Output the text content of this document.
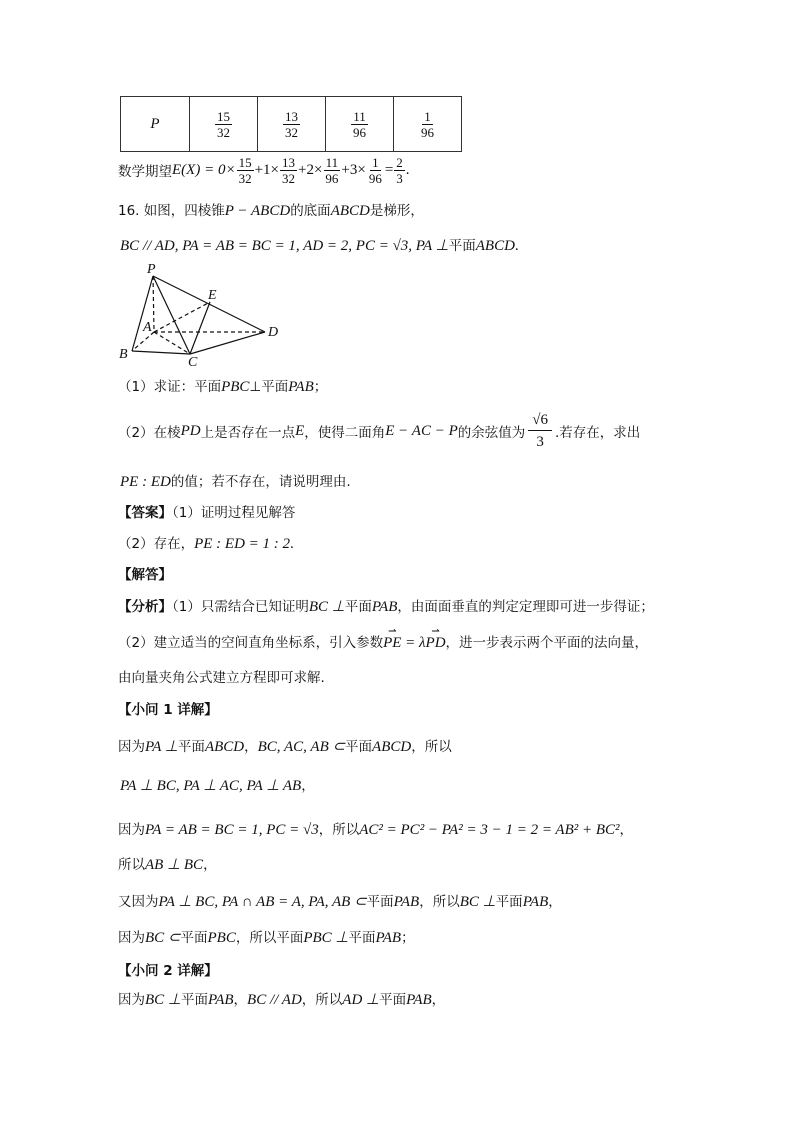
P	$\frac{15}{32}$	$\frac{13}{32}$	$\frac{11}{96}$	$\frac{1}{96}$
数学期望 $E(X) = 0\times \frac{15}{32} +1\times \frac{13}{32} +2\times \frac{11}{96} +3\times \frac{1}{96} = \frac{2}{3}$ .
16. 如图，四棱锥P − ABCD的底面ABCD是梯形，
BC // AD, PA = AB = BC = 1, AD = 2, PC = √3, PA ⊥平面ABCD.
P
E
A	D
B
C
（1）求证：平面PBC⊥平面PAB；
（2）在棱 PD 上是否存在一点 E ，使得二面角 E − AC − P 的余弦值为 $\frac{√6}{3}$ .若存在，求出
PE : ED的值；若不存在，请说明理由.
【答案】（1）证明过程见解答
（2）存在，PE : ED = 1 : 2.
【解答】
【分析】（1）只需结合已知证明BC ⊥平面PAB，由面面垂直的判定定理即可进一步得证；
（2）建立适当的空间直角坐标系，引入参数⇀ PE = λ⇀ PD，进一步表示两个平面的法向量，
由向量夹角公式建立方程即可求解.
【小问 1 详解】
因为PA ⊥平面ABCD，BC, AC, AB ⊂平面ABCD，所以
PA ⊥ BC, PA ⊥ AC, PA ⊥ AB，
因为PA = AB = BC = 1, PC = √3，所以AC² = PC² − PA² = 3 − 1 = 2 = AB² + BC²，
所以AB ⊥ BC，
又因为PA ⊥ BC, PA ∩ AB = A, PA, AB ⊂平面PAB，所以BC ⊥平面PAB，
因为BC ⊂平面PBC，所以平面PBC ⊥平面PAB；
【小问 2 详解】
因为BC ⊥平面PAB，BC // AD，所以AD ⊥平面PAB，
